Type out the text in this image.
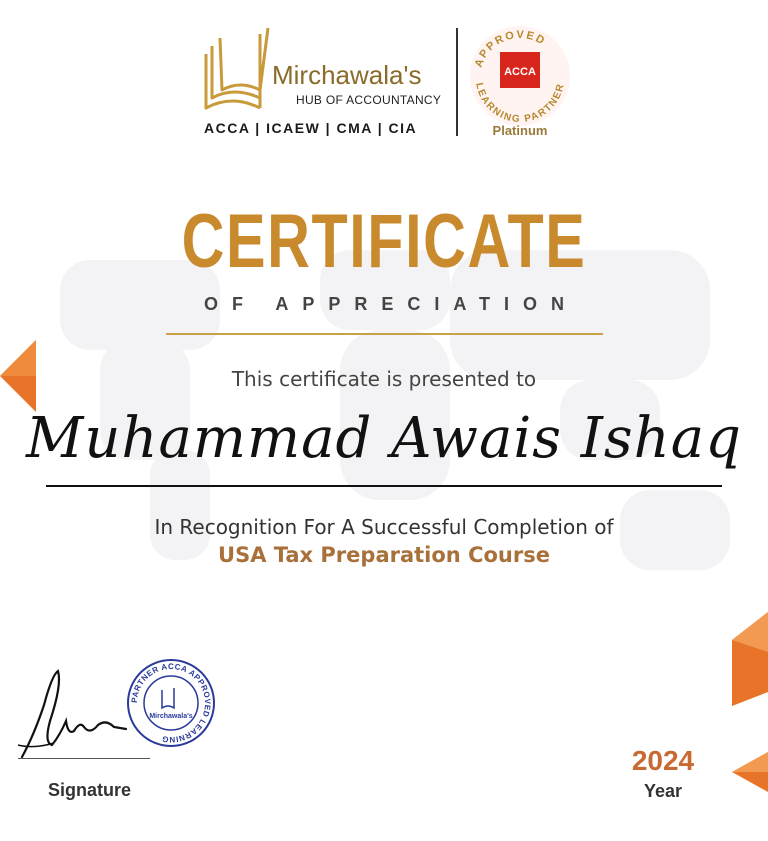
Mirchawala's
HUB OF ACCOUNTANCY
ACCA | ICAEW | CMA | CIA
APPROVED
LEARNING PARTNER
ACCA
Platinum
CERTIFICATE
OF APPRECIATION
This certificate is presented to
Muhammad Awais Ishaq
In Recognition For A Successful Completion of
USA Tax Preparation Course
Signature
PARTNER ACCA APPROVED LEARNING
Mirchawala's
2024
Year
